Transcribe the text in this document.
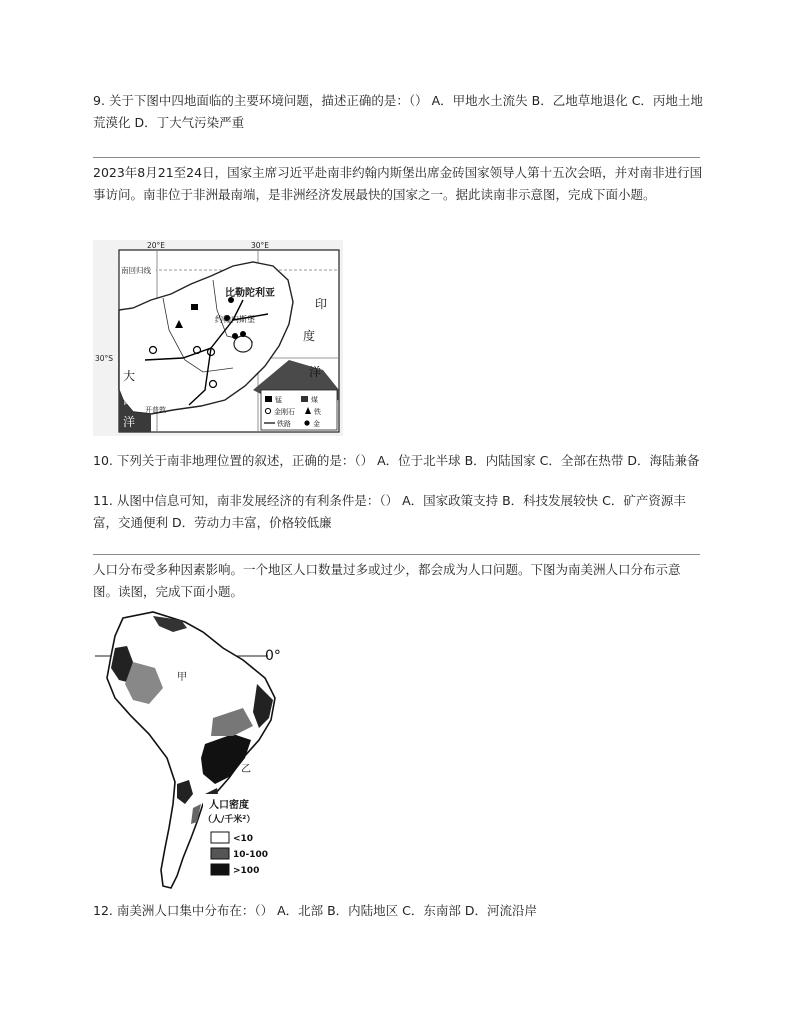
9. 关于下图中四地面临的主要环境问题，描述正确的是：（） A．甲地水土流失 B．乙地草地退化 C．丙地土地荒漠化 D．丁大气污染严重
2023年8月21至24日，国家主席习近平赴南非约翰内斯堡出席金砖国家领导人第十五次会晤，并对南非进行国事访问。南非位于非洲最南端，是非洲经济发展最快的国家之一。据此读南非示意图，完成下面小题。
20°E	30°E
30°S
南回归线
比勒陀利亚
约翰内斯堡
印
度
洋
大
西
洋
开普敦
锰	煤
金刚石	铁
铁路	金
10. 下列关于南非地理位置的叙述，正确的是：（） A．位于北半球 B．内陆国家 C．全部在热带 D．海陆兼备
11. 从图中信息可知，南非发展经济的有利条件是：（） A．国家政策支持 B．科技发展较快 C．矿产资源丰富，交通便利 D．劳动力丰富，价格较低廉
人口分布受多种因素影响。一个地区人口数量过多或过少，都会成为人口问题。下图为南美洲人口分布示意图。读图，完成下面小题。
0°
甲
乙
人口密度
（人/千米²）
<10
10-100
>100
12. 南美洲人口集中分布在：（） A．北部 B．内陆地区 C．东南部 D．河流沿岸
